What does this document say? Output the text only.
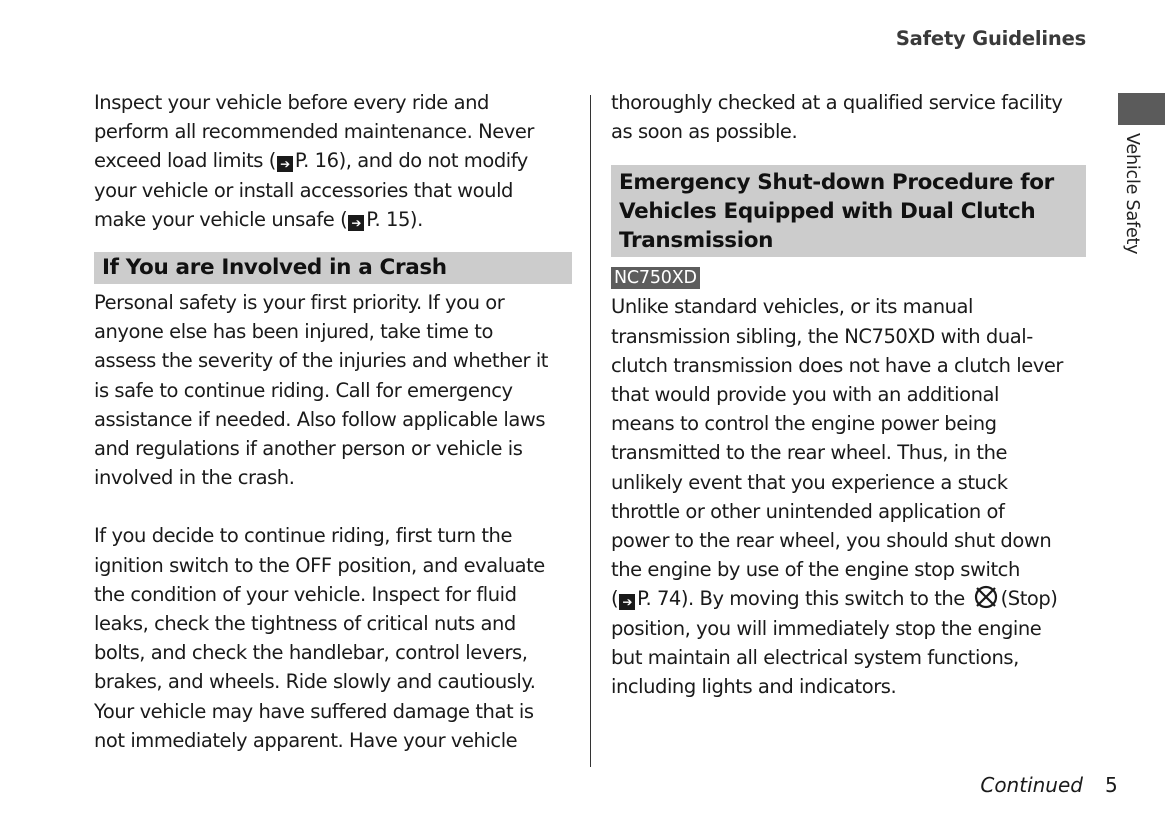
Safety Guidelines
Vehicle Safety

Inspect your vehicle before every ride and

perform all recommended maintenance. Never

exceed load limits ( ➔ P. 16), and do not modify

your vehicle or install accessories that would

make your vehicle unsafe ( ➔ P. 15).

If You are Involved in a Crash

Personal safety is your first priority. If you or

anyone else has been injured, take time to

assess the severity of the injuries and whether it

is safe to continue riding. Call for emergency

assistance if needed. Also follow applicable laws

and regulations if another person or vehicle is

involved in the crash.

If you decide to continue riding, first turn the

ignition switch to the OFF position, and evaluate

the condition of your vehicle. Inspect for fluid

leaks, check the tightness of critical nuts and

bolts, and check the handlebar, control levers,

brakes, and wheels. Ride slowly and cautiously.

Your vehicle may have suffered damage that is

not immediately apparent. Have your vehicle

thoroughly checked at a qualified service facility

as soon as possible.

Emergency Shut-down Procedure for
Vehicles Equipped with Dual Clutch
Transmission
NC750XD

Unlike standard vehicles, or its manual

transmission sibling, the NC750XD with dual-

clutch transmission does not have a clutch lever

that would provide you with an additional

means to control the engine power being

transmitted to the rear wheel. Thus, in the

unlikely event that you experience a stuck

throttle or other unintended application of

power to the rear wheel, you should shut down

the engine by use of the engine stop switch

( ➔ P. 74). By moving this switch to the (Stop)

position, you will immediately stop the engine

but maintain all electrical system functions,

including lights and indicators.

Continued 5
